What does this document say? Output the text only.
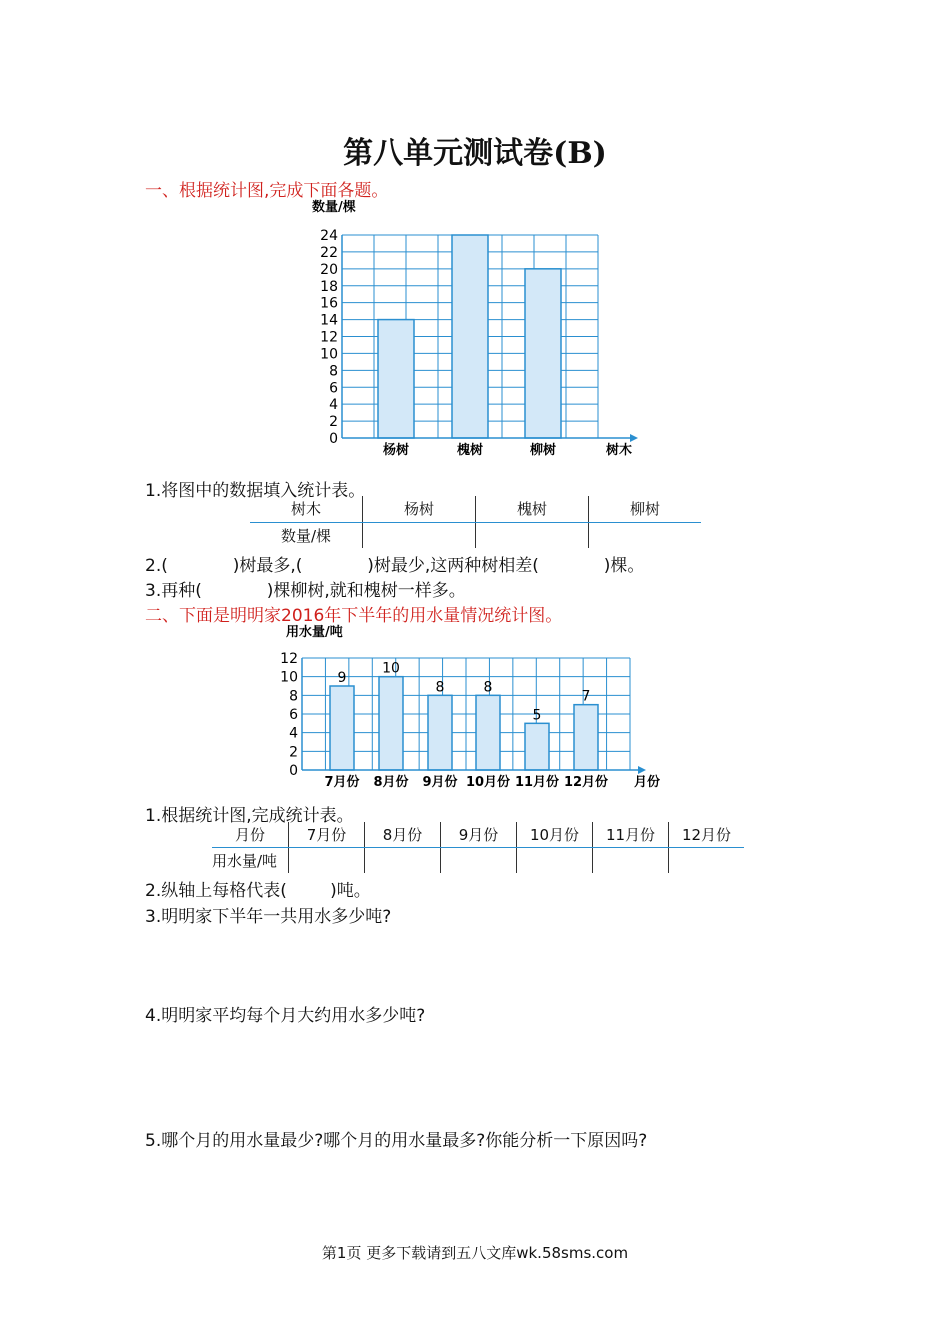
第八单元测试卷(B)
一、根据统计图,完成下面各题。
数量/棵
0
2
4
6
8
10
12
14
16
18
20
22
24
杨树	槐树	柳树	树木
1.将图中的数据填入统计表。
树木	杨树	槐树	柳树
数量/棵			
2.(            )树最多,(            )树最少,这两种树相差(            )棵。
3.再种(            )棵柳树,就和槐树一样多。
二、下面是明明家2016年下半年的用水量情况统计图。
用水量/吨
9
10
8	8
5
7
0
2
4
6
8
10
12
7月份 8月份 9月份 10月份 11月份 12月份 月份
1.根据统计图,完成统计表。
月份	7月份	8月份	9月份	10月份	11月份	12月份
用水量/吨						
2.纵轴上每格代表(        )吨。
3.明明家下半年一共用水多少吨?
4.明明家平均每个月大约用水多少吨?
5.哪个月的用水量最少?哪个月的用水量最多?你能分析一下原因吗?
第1页 更多下载请到五八文库wk.58sms.com
